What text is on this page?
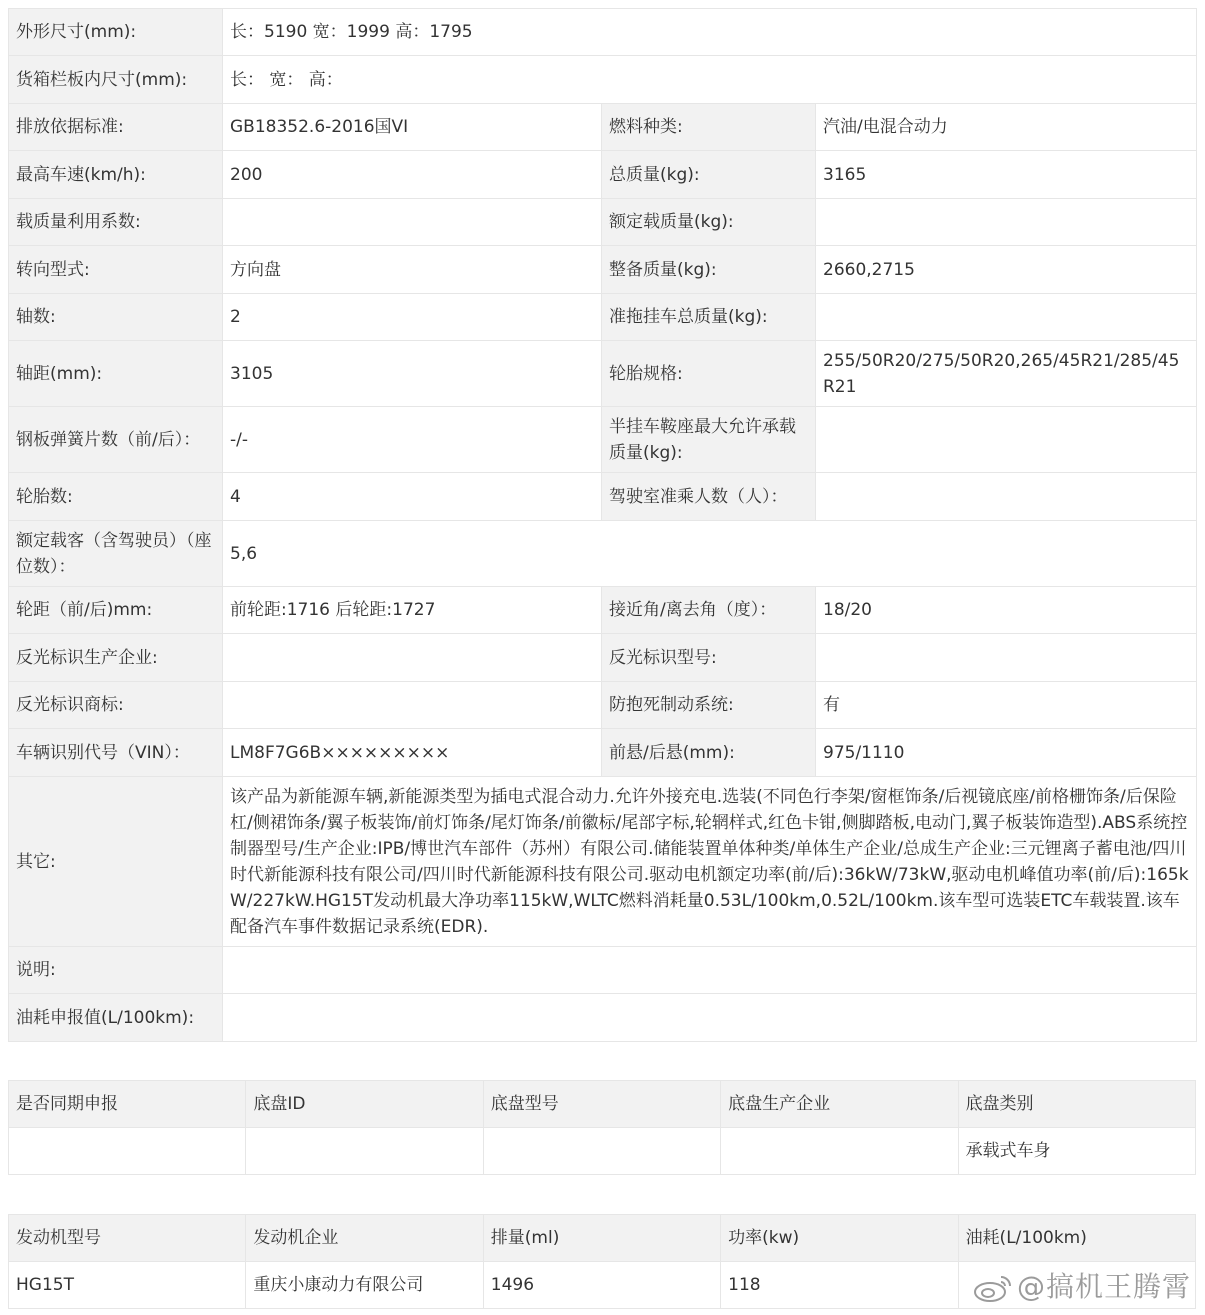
外形尺寸(mm):	长：5190 宽：1999 高：1795		
货箱栏板内尺寸(mm):	长： 宽： 高：		
排放依据标准:	GB18352.6-2016国VI	燃料种类:	汽油/电混合动力
最高车速(km/h):	200	总质量(kg):	3165
载质量利用系数:		额定载质量(kg):	
转向型式:	方向盘	整备质量(kg):	2660,2715
轴数:	2	准拖挂车总质量(kg):	
轴距(mm):	3105	轮胎规格:	255/50R20/275/50R20,265/45R21/285/45R21
钢板弹簧片数（前/后）：	-/-	半挂车鞍座最大允许承载质量(kg):	
轮胎数:	4	驾驶室准乘人数（人）：	
额定载客（含驾驶员）（座位数）：	5,6		
轮距（前/后)mm:	前轮距:1716 后轮距:1727	接近角/离去角（度）：	18/20
反光标识生产企业:		反光标识型号:	
反光标识商标:		防抱死制动系统:	有
车辆识别代号（VIN）：	LM8F7G6B×××××××××	前悬/后悬(mm):	975/1110
其它:	该产品为新能源车辆,新能源类型为插电式混合动力.允许外接充电.选装(不同色行李架/窗框饰条/后视镜底座/前格栅饰条/后保险杠/侧裙饰条/翼子板装饰/前灯饰条/尾灯饰条/前徽标/尾部字标,轮辋样式,红色卡钳,侧脚踏板,电动门,翼子板装饰造型).ABS系统控制器型号/生产企业:IPB/博世汽车部件（苏州）有限公司.储能装置单体种类/单体生产企业/总成生产企业:三元锂离子蓄电池/四川时代新能源科技有限公司/四川时代新能源科技有限公司.驱动电机额定功率(前/后):36kW/73kW,驱动电机峰值功率(前/后):165kW/227kW.HG15T发动机最大净功率115kW,WLTC燃料消耗量0.53L/100km,0.52L/100km.该车型可选装ETC车载装置.该车配备汽车事件数据记录系统(EDR).		
说明:			
油耗申报值(L/100km):			
是否同期申报	底盘ID	底盘型号	底盘生产企业	底盘类别
				承载式车身
发动机型号	发动机企业	排量(ml)	功率(kw)	油耗(L/100km)
HG15T	重庆小康动力有限公司	1496	118		@搞机王腾霄
